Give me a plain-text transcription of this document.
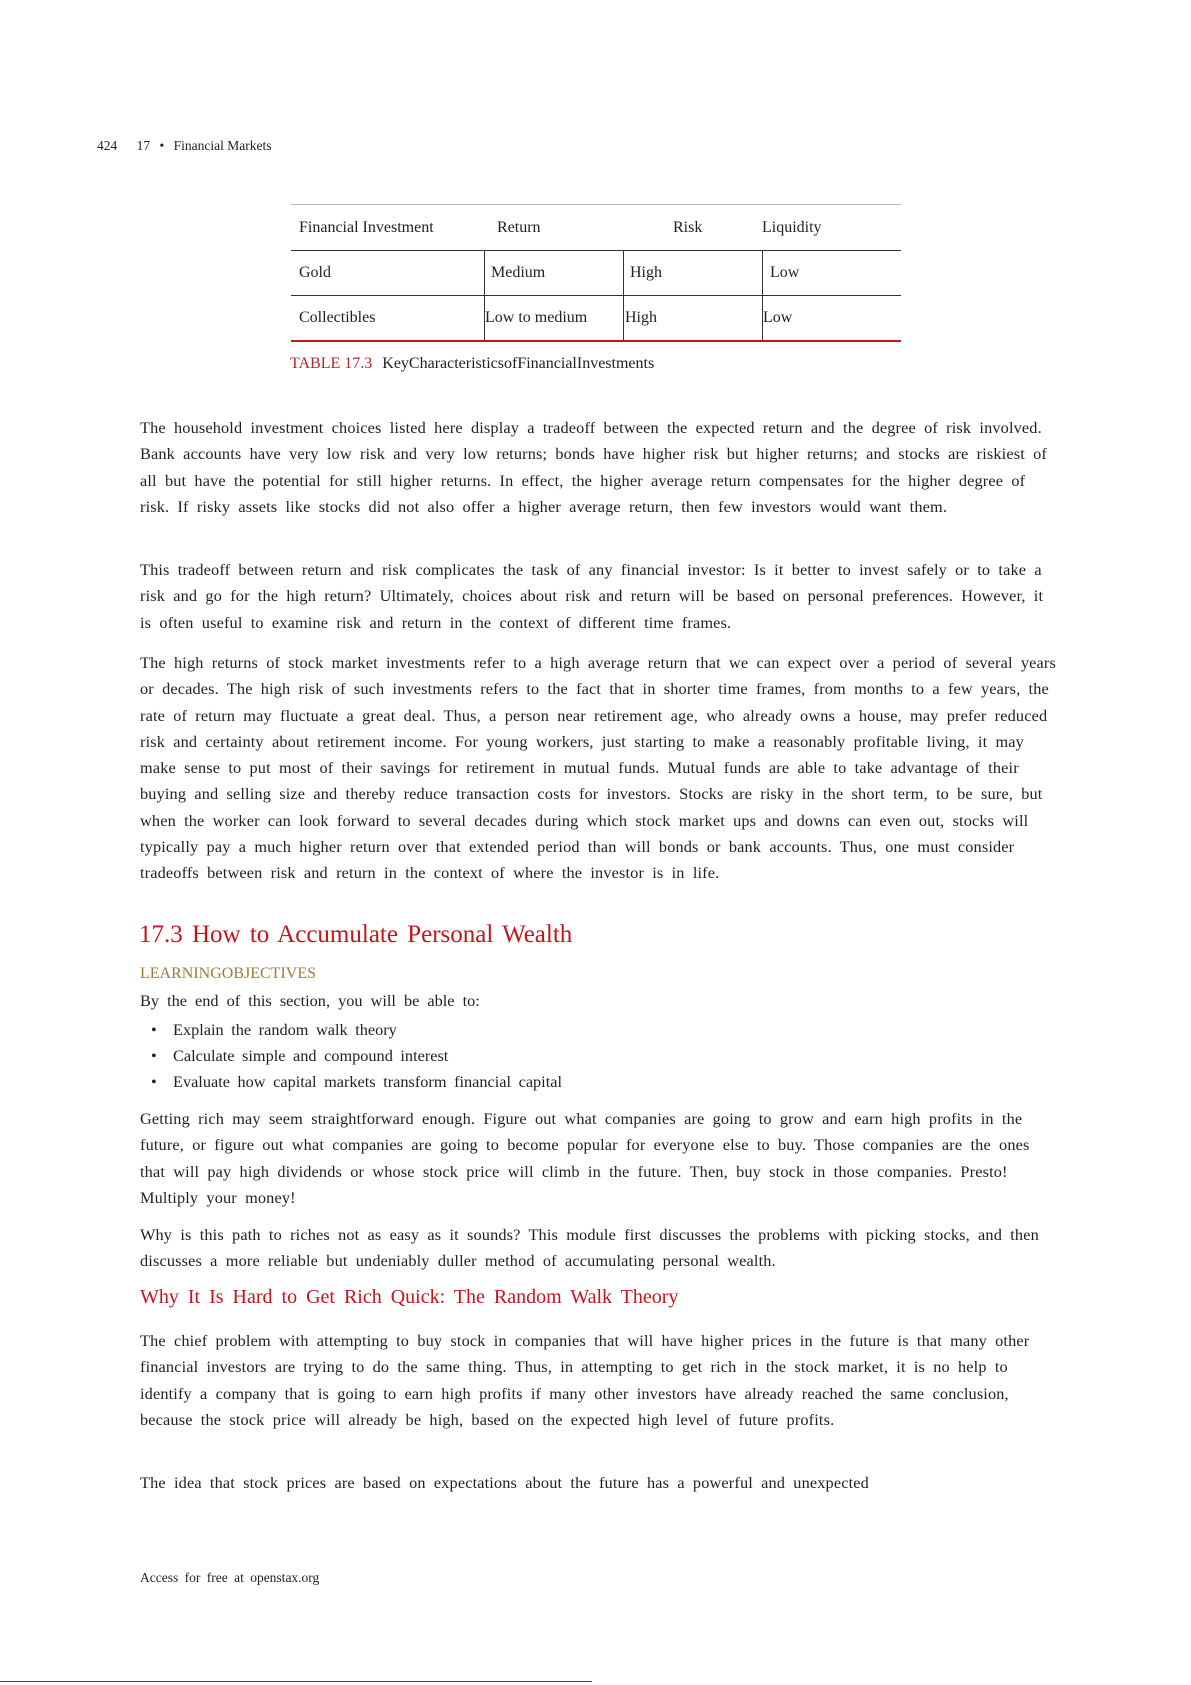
424 17 • Financial Markets
Financial Investment	Return	Risk	Liquidity
Gold	Medium	High	Low
Collectibles	Low to medium	High	Low
TABLE 17.3 KeyCharacteristicsofFinancialInvestments

The household investment choices listed here display a tradeoff between the expected return and the degree of risk involved. Bank accounts have very low risk and very low returns; bonds have higher risk but higher returns; and stocks are riskiest of all but have the potential for still higher returns. In effect, the higher average return compensates for the higher degree of risk. If risky assets like stocks did not also offer a higher average return, then few investors would want them.

This tradeoff between return and risk complicates the task of any financial investor: Is it better to invest safely or to take a risk and go for the high return? Ultimately, choices about risk and return will be based on personal preferences. However, it is often useful to examine risk and return in the context of different time frames.

The high returns of stock market investments refer to a high average return that we can expect over a period of several years or decades. The high risk of such investments refers to the fact that in shorter time frames, from months to a few years, the rate of return may fluctuate a great deal. Thus, a person near retirement age, who already owns a house, may prefer reduced risk and certainty about retirement income. For young workers, just starting to make a reasonably profitable living, it may make sense to put most of their savings for retirement in mutual funds. Mutual funds are able to take advantage of their buying and selling size and thereby reduce transaction costs for investors. Stocks are risky in the short term, to be sure, but when the worker can look forward to several decades during which stock market ups and downs can even out, stocks will typically pay a much higher return over that extended period than will bonds or bank accounts. Thus, one must consider tradeoffs between risk and return in the context of where the investor is in life.

17.3 How to Accumulate Personal Wealth
LEARNINGOBJECTIVES
By the end of this section, you will be able to:
• Explain the random walk theory
• Calculate simple and compound interest
• Evaluate how capital markets transform financial capital

Getting rich may seem straightforward enough. Figure out what companies are going to grow and earn high profits in the future, or figure out what companies are going to become popular for everyone else to buy. Those companies are the ones that will pay high dividends or whose stock price will climb in the future. Then, buy stock in those companies. Presto! Multiply your money!

Why is this path to riches not as easy as it sounds? This module first discusses the problems with picking stocks, and then discusses a more reliable but undeniably duller method of accumulating personal wealth.

Why It Is Hard to Get Rich Quick: The Random Walk Theory

The chief problem with attempting to buy stock in companies that will have higher prices in the future is that many other financial investors are trying to do the same thing. Thus, in attempting to get rich in the stock market, it is no help to identify a company that is going to earn high profits if many other investors have already reached the same conclusion, because the stock price will already be high, based on the expected high level of future profits.

The idea that stock prices are based on expectations about the future has a powerful and unexpected

Access for free at openstax.org
